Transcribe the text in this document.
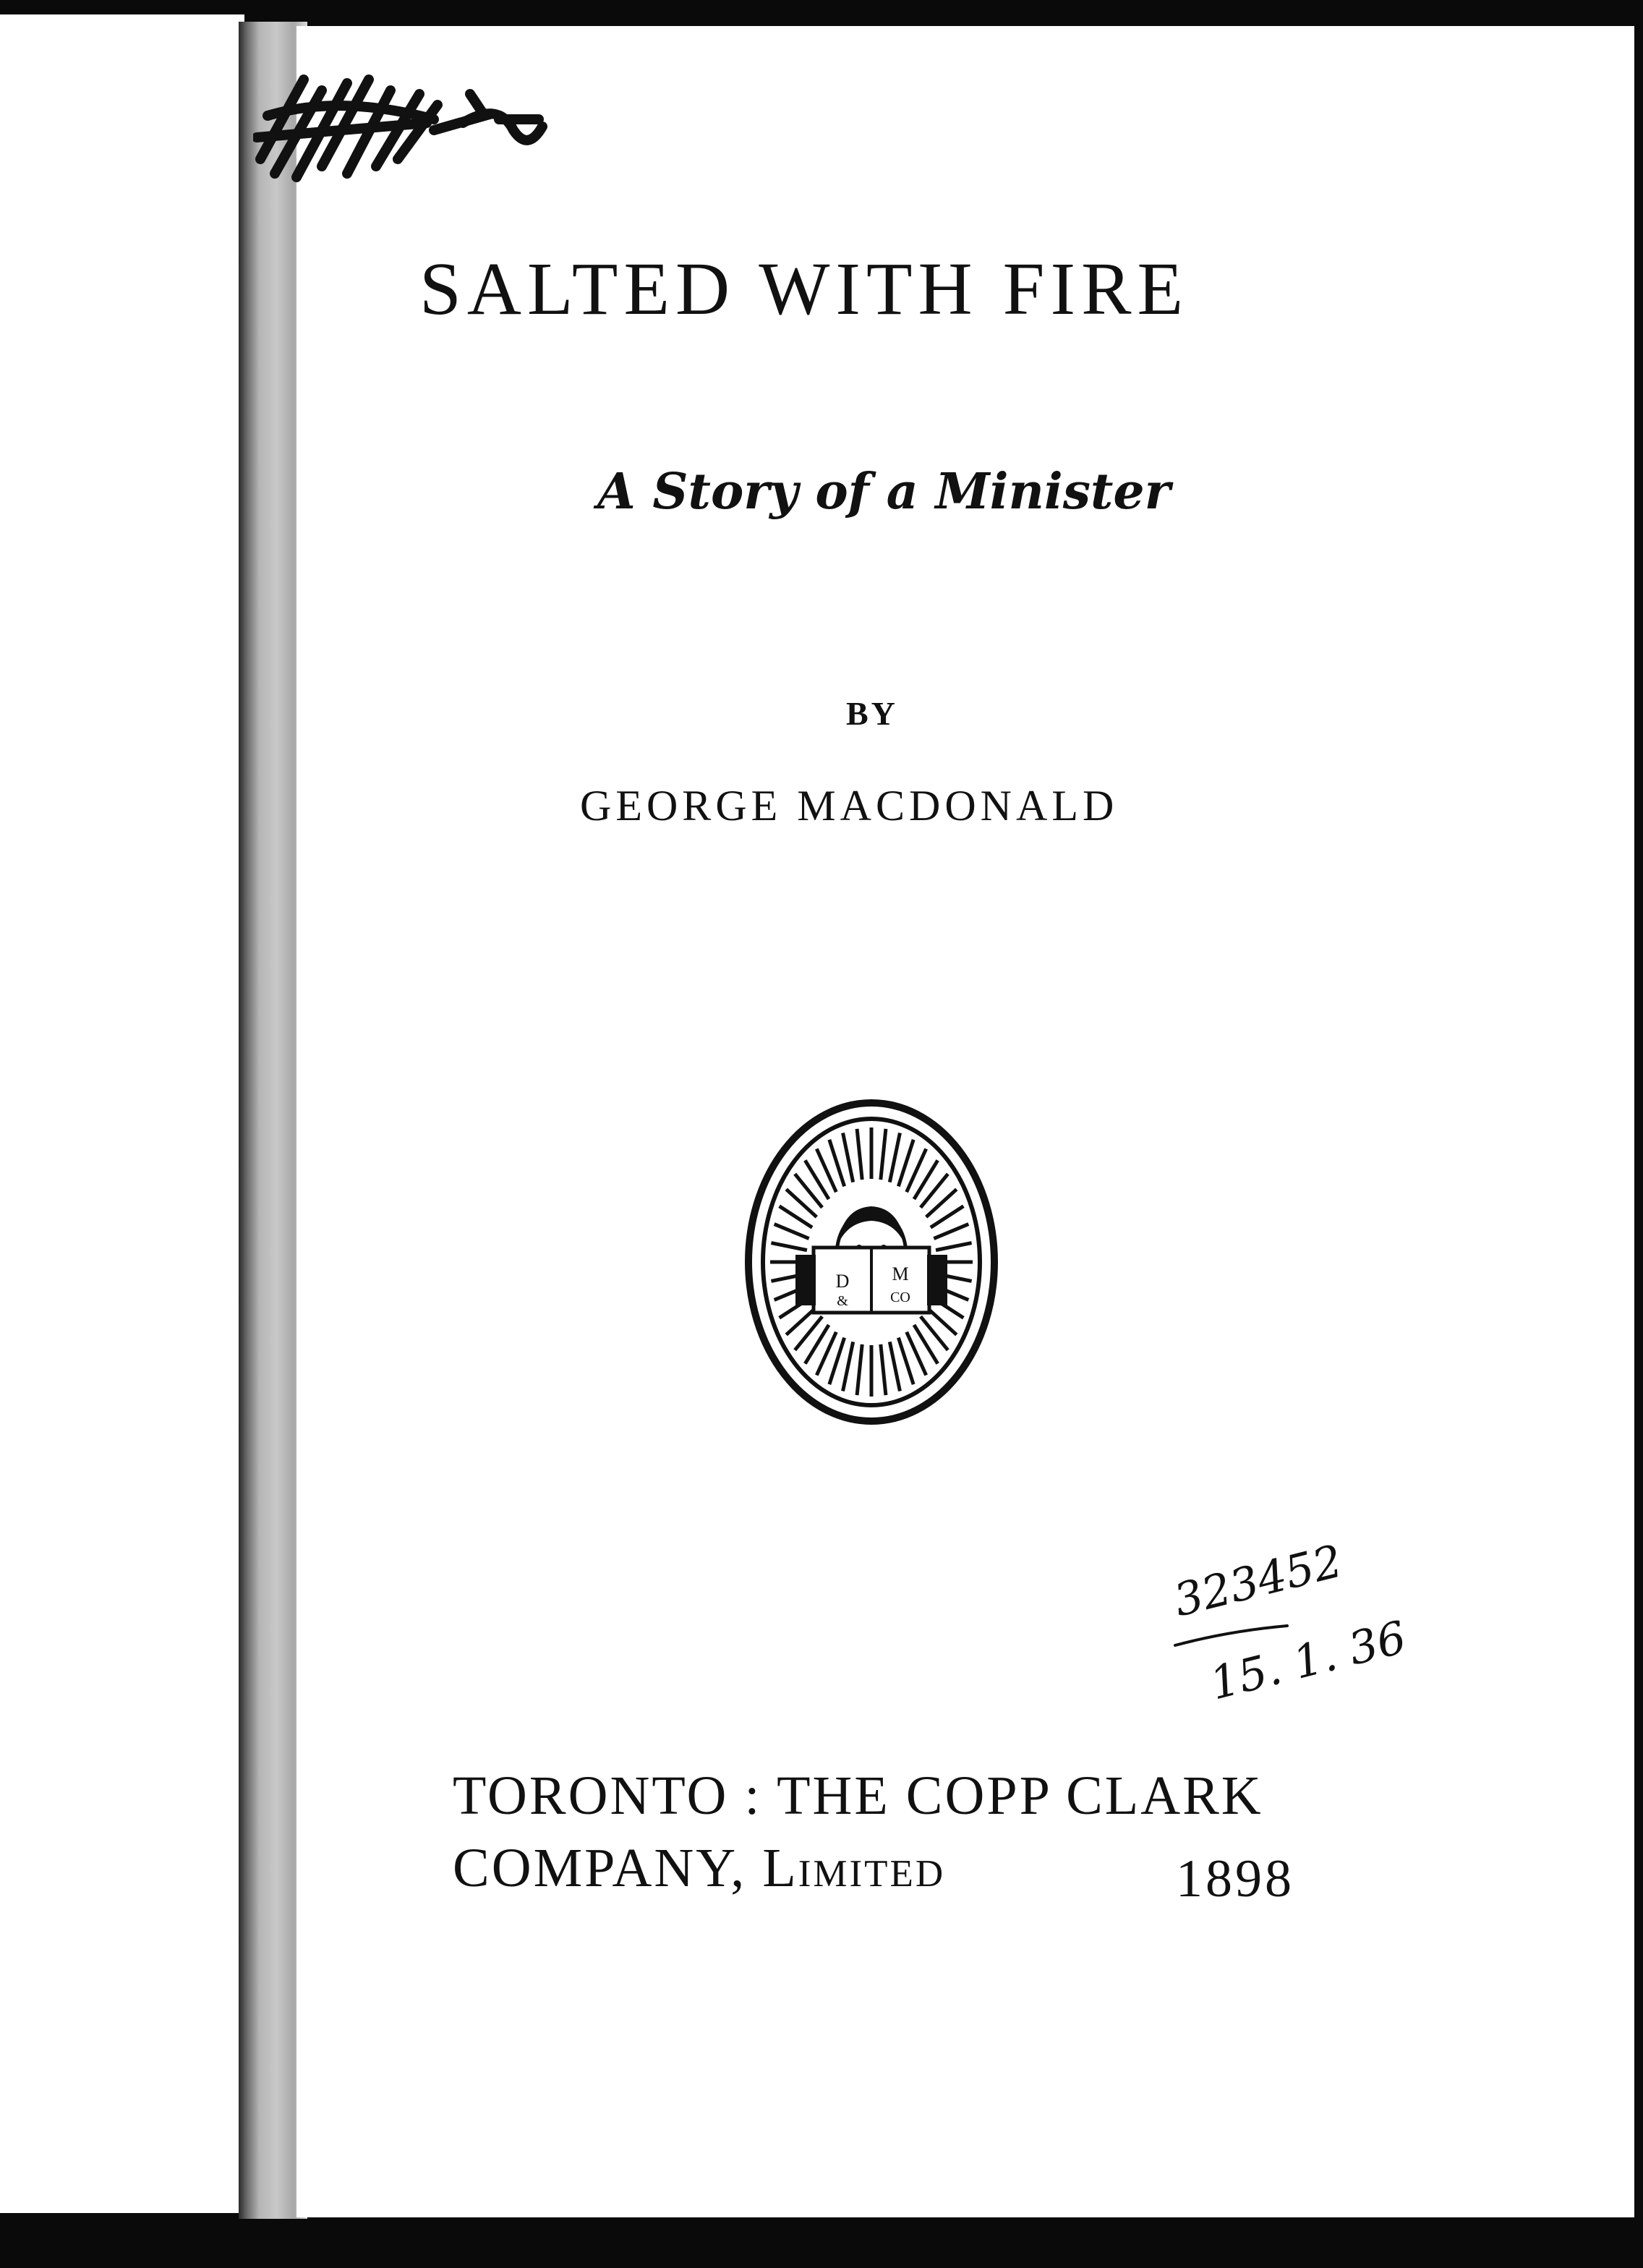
SALTED WITH FIRE
A Story of a Minister
BY
GEORGE MACDONALD
D
&
M
CO
323452
15. 1. 36
TORONTO : THE COPP CLARK
COMPANY, Limited	1898
